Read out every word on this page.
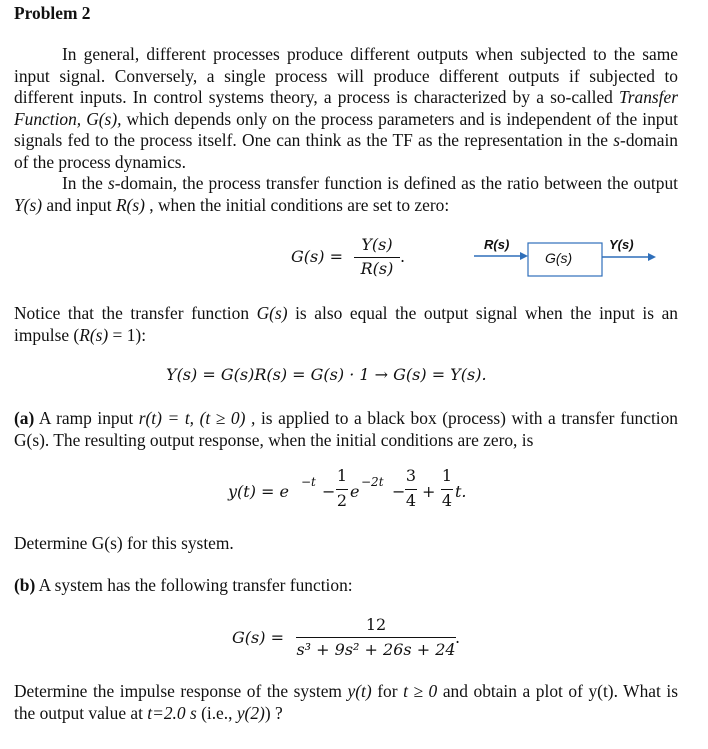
Problem 2

In general, different processes produce different outputs when subjected to the same input signal. Conversely, a single process will produce different outputs if subjected to different inputs. In control systems theory, a process is characterized by a so-called Transfer Function, G(s), which depends only on the process parameters and is independent of the input signals fed to the process itself. One can think as the TF as the representation in the s-domain of the process dynamics.

In the s-domain, the process transfer function is defined as the ratio between the output Y(s) and input R(s) , when the initial conditions are set to zero:

G(s) =
Y(s)
R(s)
.
R(s)
G(s)
Y(s)

Notice that the transfer function G(s) is also equal the output signal when the input is an impulse (R(s) = 1):

Y(s) = G(s)R(s) = G(s) · 1 → G(s) = Y(s).

(a) A ramp input r(t) = t, (t ≥ 0) , is applied to a black box (process) with a transfer function G(s). The resulting output response, when the initial conditions are zero, is

y(t) = e −t −
1
2 e −2t −
3
4 +
1
4 t.

Determine G(s) for this system.

(b) A system has the following transfer function:

G(s) =
12
s³ + 9s² + 26s + 24
.

Determine the impulse response of the system y(t) for t ≥ 0 and obtain a plot of y(t). What is the output value at t=2.0 s (i.e., y(2)) ?
